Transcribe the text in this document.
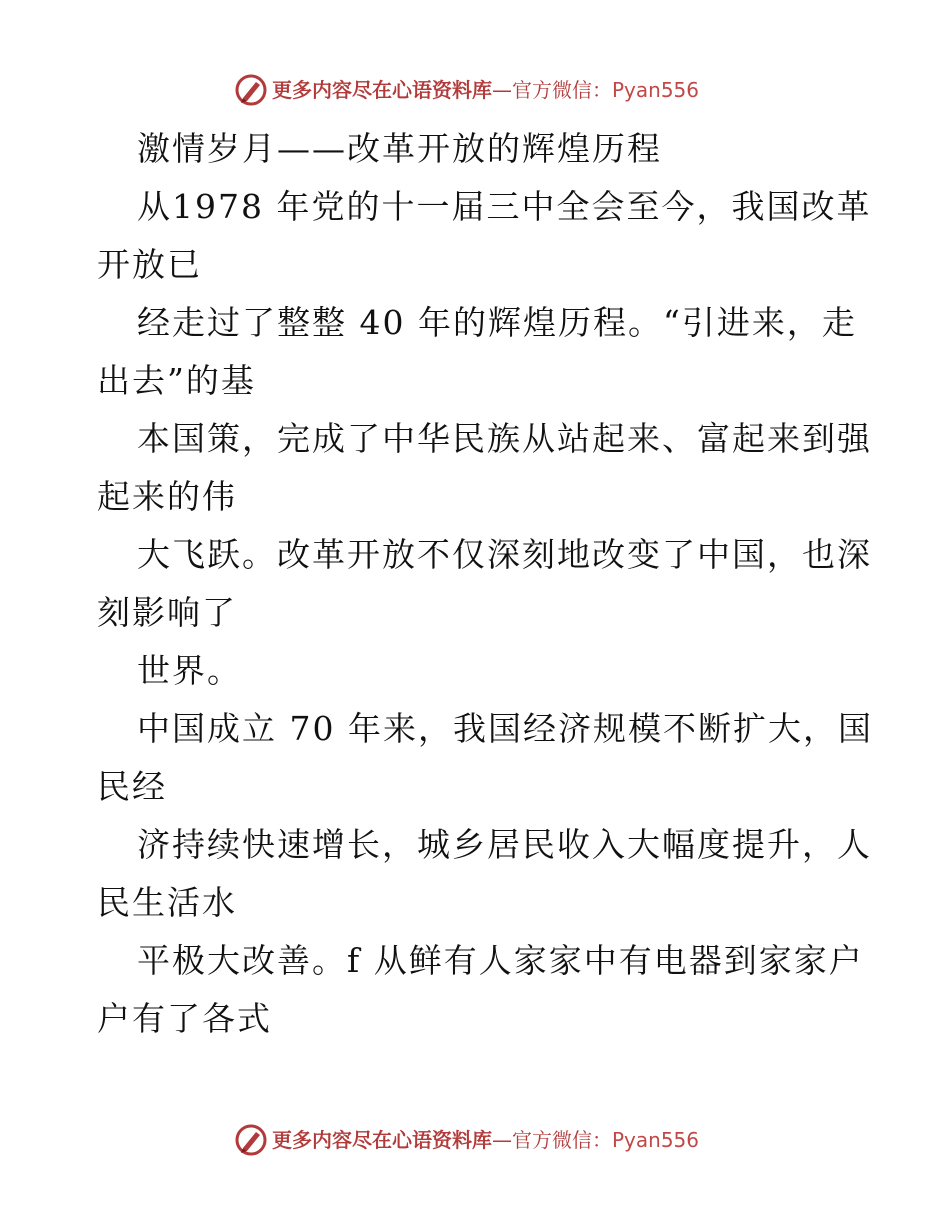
更多内容尽在心语资料库—官方微信：Pyan556
激情岁月——改革开放的辉煌历程
从1978 年党的十一届三中全会至今，我国改革
开放已
经走过了整整 40 年的辉煌历程。“引进来，走
出去”的基
本国策，完成了中华民族从站起来、富起来到强
起来的伟
大飞跃。改革开放不仅深刻地改变了中国，也深
刻影响了
世界。
中国成立 70 年来，我国经济规模不断扩大，国
民经
济持续快速增长，城乡居民收入大幅度提升，人
民生活水
平极大改善。f 从鲜有人家家中有电器到家家户
户有了各式
更多内容尽在心语资料库—官方微信：Pyan556
